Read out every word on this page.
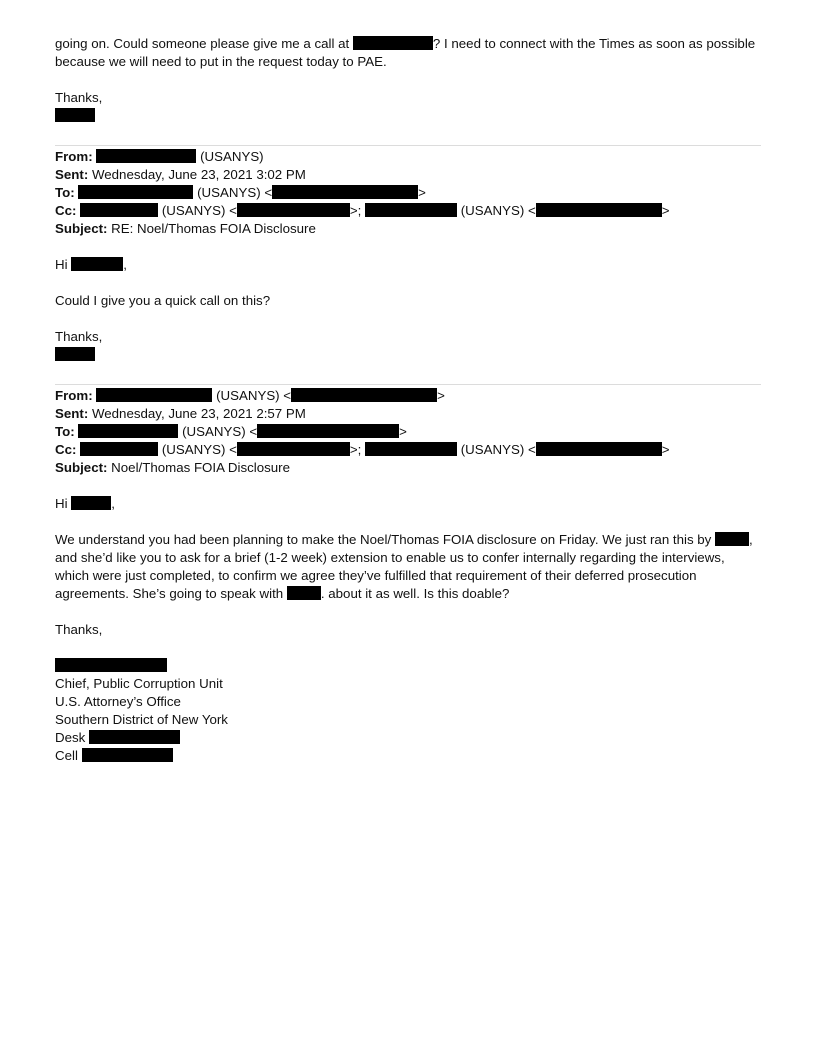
going on. Could someone please give me a call at	? I need to connect with the Times as soon as possible
because we will need to put in the request today to PAE.
Thanks,
From:	(USANYS)
Sent: Wednesday, June 23, 2021 3:02 PM
To:	(USANYS) <	>
Cc:	(USANYS) <	>;	(USANYS) <	>
Subject: RE: Noel/Thomas FOIA Disclosure
Hi	,
Could I give you a quick call on this?
Thanks,
From:	(USANYS) <	>
Sent: Wednesday, June 23, 2021 2:57 PM
To:	(USANYS) <	>
Cc:	(USANYS) <	>;	(USANYS) <	>
Subject: Noel/Thomas FOIA Disclosure
Hi	,
We understand you had been planning to make the Noel/Thomas FOIA disclosure on Friday. We just ran this by	,
and she’d like you to ask for a brief (1-2 week) extension to enable us to confer internally regarding the interviews,
which were just completed, to confirm we agree they’ve fulfilled that requirement of their deferred prosecution
agreements. She’s going to speak with	. about it as well. Is this doable?
Thanks,
Chief, Public Corruption Unit
U.S. Attorney’s Office
Southern District of New York
Desk
Cell
